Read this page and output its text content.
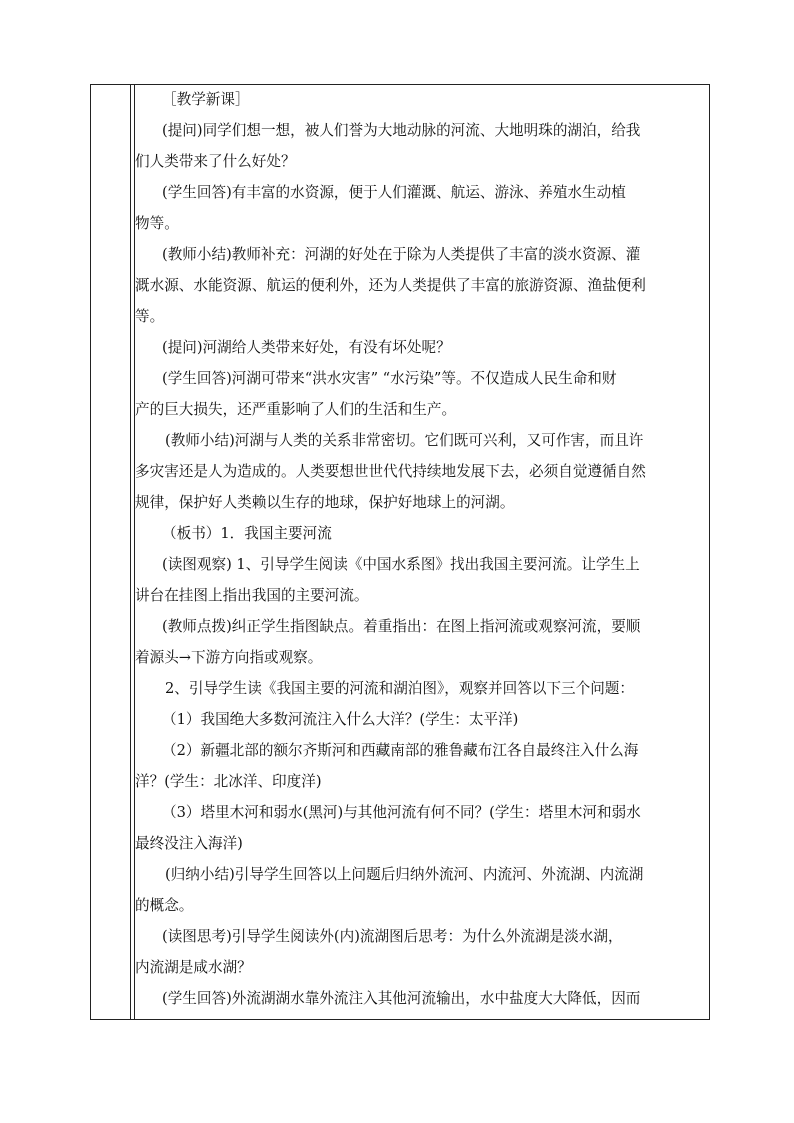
［教学新课］
(提问)同学们想一想，被人们誉为大地动脉的河流、大地明珠的湖泊，给我
们人类带来了什么好处？
(学生回答)有丰富的水资源，便于人们灌溉、航运、游泳、养殖水生动植
物等。
(教师小结)教师补充：河湖的好处在于除为人类提供了丰富的淡水资源、灌
溉水源、水能资源、航运的便利外，还为人类提供了丰富的旅游资源、渔盐便利
等。
(提问)河湖给人类带来好处，有没有坏处呢？
(学生回答)河湖可带来“洪水灾害” “水污染”等。不仅造成人民生命和财
产的巨大损失，还严重影响了人们的生活和生产。
(教师小结)河湖与人类的关系非常密切。它们既可兴利，又可作害，而且许
多灾害还是人为造成的。人类要想世世代代持续地发展下去，必须自觉遵循自然
规律，保护好人类赖以生存的地球，保护好地球上的河湖。
（板书）1．我国主要河流
(读图观察) 1、引导学生阅读《中国水系图》找出我国主要河流。让学生上
讲台在挂图上指出我国的主要河流。
(教师点拨)纠正学生指图缺点。着重指出：在图上指河流或观察河流，要顺
着源头→下游方向指或观察。
2、引导学生读《我国主要的河流和湖泊图》，观察并回答以下三个问题：
（1）我国绝大多数河流注入什么大洋？(学生：太平洋)
（2）新疆北部的额尔齐斯河和西藏南部的雅鲁藏布江各自最终注入什么海
洋？(学生：北冰洋、印度洋)
（3）塔里木河和弱水(黑河)与其他河流有何不同？(学生：塔里木河和弱水
最终没注入海洋)
(归纳小结)引导学生回答以上问题后归纳外流河、内流河、外流湖、内流湖
的概念。
(读图思考)引导学生阅读外(内)流湖图后思考：为什么外流湖是淡水湖，
内流湖是咸水湖？
(学生回答)外流湖湖水靠外流注入其他河流输出，水中盐度大大降低，因而
